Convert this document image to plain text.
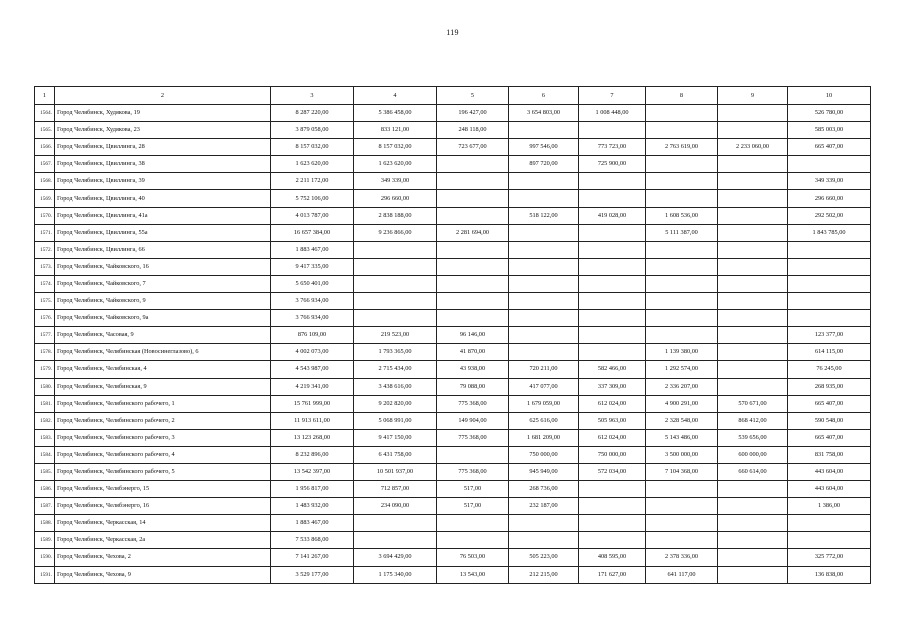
119
1	2	3	4	5	6	7	8	9	10
1564.	Город Челябинск, Худякова, 19	8 287 220,00	5 386 458,00	196 427,00	3 654 803,00	1 008 448,00			526 780,00
1565.	Город Челябинск, Худякова, 23	3 879 058,00	833 121,00	248 118,00					585 003,00
1566.	Город Челябинск, Цвиллинга, 28	8 157 032,00	8 157 032,00	723 677,00	997 546,00	773 723,00	2 763 619,00	2 233 060,00	665 407,00
1567.	Город Челябинск, Цвиллинга, 38	1 623 620,00	1 623 620,00		897 720,00	725 900,00			
1568.	Город Челябинск, Цвиллинга, 39	2 211 172,00	349 339,00						349 339,00
1569.	Город Челябинск, Цвиллинга, 40	5 752 106,00	296 660,00						296 660,00
1570.	Город Челябинск, Цвиллинга, 41а	4 013 787,00	2 838 188,00		518 122,00	419 028,00	1 608 536,00		292 502,00
1571.	Город Челябинск, Цвиллинга, 55а	16 657 384,00	9 236 866,00	2 281 694,00			5 111 387,00		1 843 785,00
1572.	Город Челябинск, Цвиллинга, 66	1 883 467,00							
1573.	Город Челябинск, Чайковского, 16	9 417 335,00							
1574.	Город Челябинск, Чайковского, 7	5 650 401,00							
1575.	Город Челябинск, Чайковского, 9	3 766 934,00							
1576.	Город Челябинск, Чайковского, 9а	3 766 934,00							
1577.	Город Челябинск, Часовая, 9	876 109,00	219 523,00	96 146,00					123 377,00
1578.	Город Челябинск, Челябинская (Новосинеглазово), 6	4 002 073,00	1 793 365,00	41 870,00			1 139 380,00		614 115,00
1579.	Город Челябинск, Челябинская, 4	4 543 987,00	2 715 434,00	43 938,00	720 211,00	582 466,00	1 292 574,00		76 245,00
1580.	Город Челябинск, Челябинская, 9	4 219 341,00	3 438 616,00	79 088,00	417 077,00	337 309,00	2 336 207,00		268 935,00
1581.	Город Челябинск, Челябинского рабочего, 1	15 761 999,00	9 202 820,00	775 368,00	1 679 059,00	612 024,00	4 900 291,00	570 671,00	665 407,00
1582.	Город Челябинск, Челябинского рабочего, 2	11 913 611,00	5 068 991,00	149 904,00	625 616,00	505 963,00	2 328 548,00	868 412,00	590 548,00
1583.	Город Челябинск, Челябинского рабочего, 3	13 123 268,00	9 417 150,00	775 368,00	1 681 209,00	612 024,00	5 143 486,00	539 656,00	665 407,00
1584.	Город Челябинск, Челябинского рабочего, 4	8 232 896,00	6 431 758,00		750 000,00	750 000,00	3 500 000,00	600 000,00	831 758,00
1585.	Город Челябинск, Челябинского рабочего, 5	13 542 397,00	10 501 937,00	775 368,00	945 949,00	572 034,00	7 104 368,00	660 614,00	443 604,00
1586.	Город Челябинск, Челябэнерго, 15	1 956 817,00	712 857,00	517,00	268 736,00				443 604,00
1587.	Город Челябинск, Челябэнерго, 16	1 483 932,00	234 090,00	517,00	232 187,00				1 386,00
1588.	Город Челябинск, Черкасская, 14	1 883 467,00							
1589.	Город Челябинск, Черкасская, 2а	7 533 868,00							
1590.	Город Челябинск, Чехова, 2	7 141 267,00	3 694 429,00	76 503,00	505 223,00	408 595,00	2 378 336,00		325 772,00
1591.	Город Челябинск, Чехова, 9	3 529 177,00	1 175 340,00	13 543,00	212 215,00	171 627,00	641 117,00		136 838,00
